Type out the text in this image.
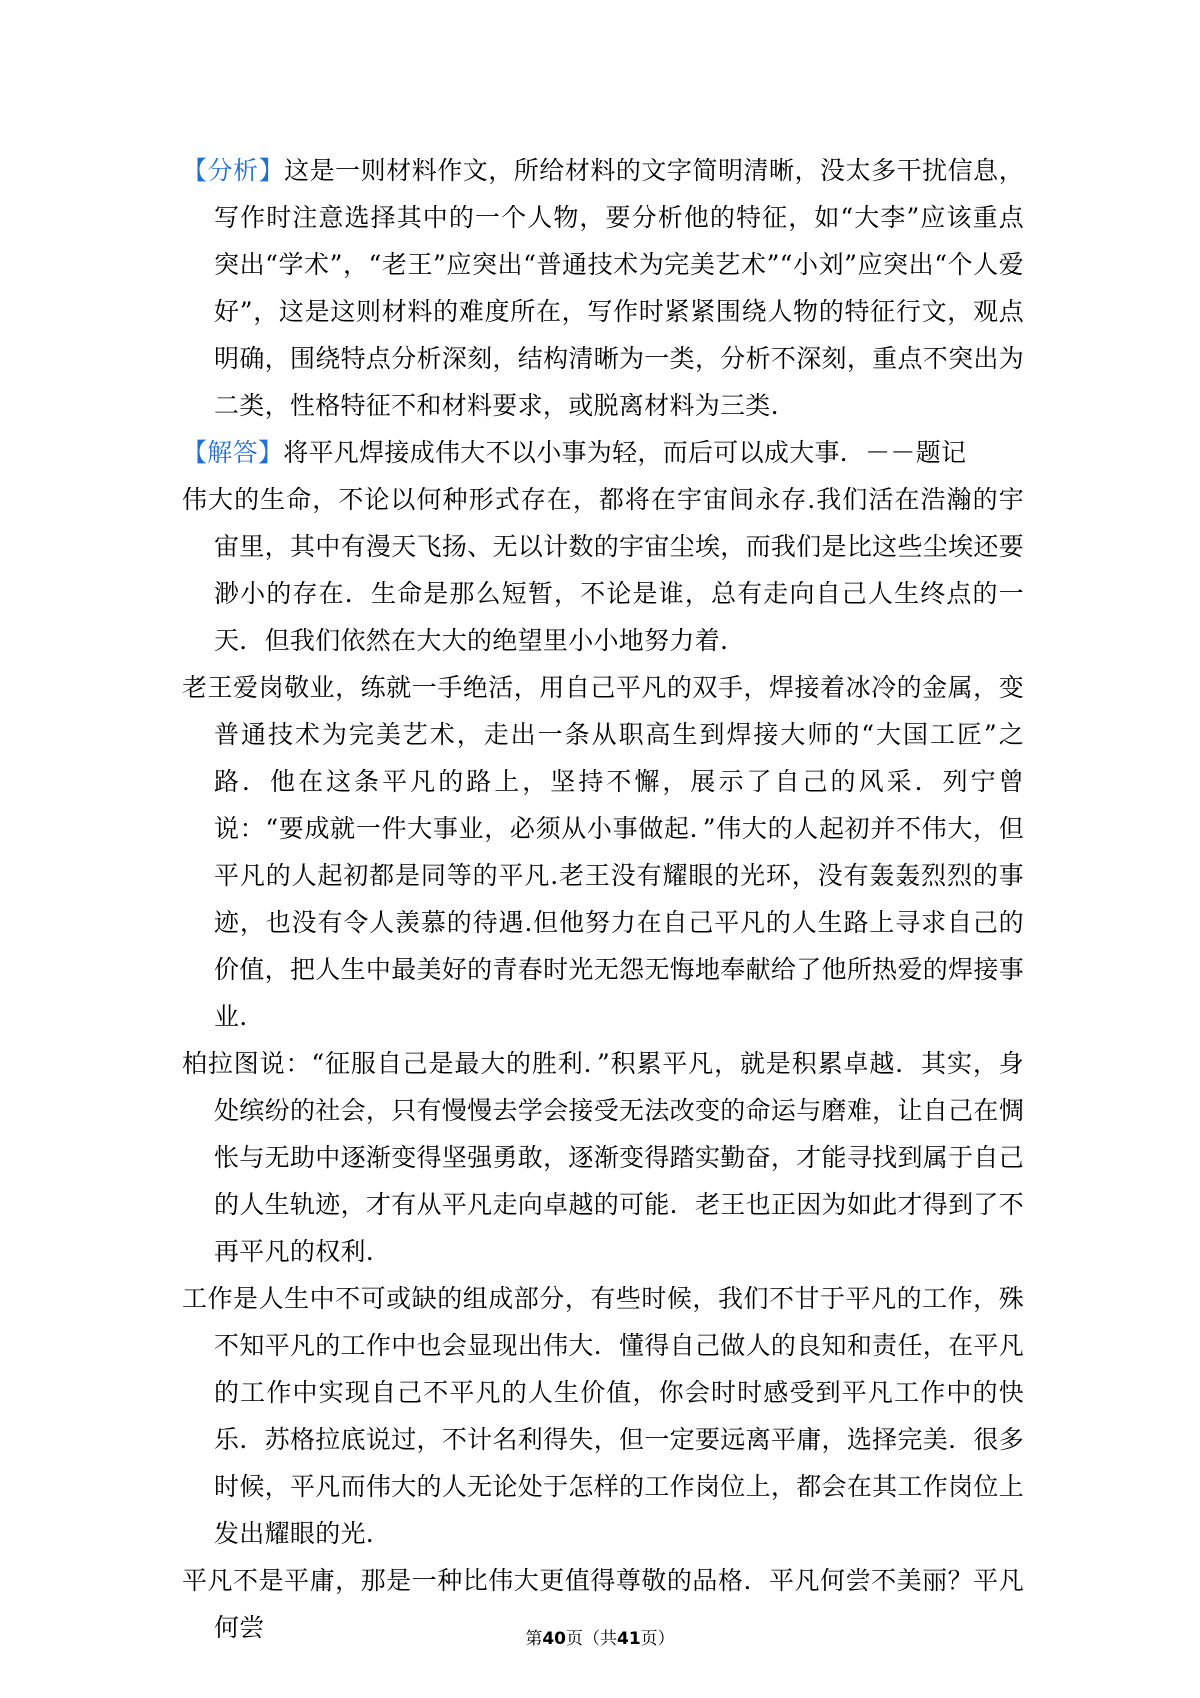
【分析】这是一则材料作文，所给材料的文字简明清晰，没太多干扰信息，写作时注意选择其中的一个人物，要分析他的特征，如“大李”应该重点突出“学术”，“老王”应突出“普通技术为完美艺术”“小刘”应突出“个人爱好”，这是这则材料的难度所在，写作时紧紧围绕人物的特征行文，观点明确，围绕特点分析深刻，结构清晰为一类，分析不深刻，重点不突出为二类，性格特征不和材料要求，或脱离材料为三类.

【解答】将平凡焊接成伟大不以小事为轻，而后可以成大事．－－题记

伟大的生命，不论以何种形式存在，都将在宇宙间永存.我们活在浩瀚的宇宙里，其中有漫天飞扬、无以计数的宇宙尘埃，而我们是比这些尘埃还要渺小的存在．生命是那么短暂，不论是谁，总有走向自己人生终点的一天．但我们依然在大大的绝望里小小地努力着.

老王爱岗敬业，练就一手绝活，用自己平凡的双手，焊接着冰冷的金属，变普通技术为完美艺术，走出一条从职高生到焊接大师的“大国工匠”之路．他在这条平凡的路上，坚持不懈，展示了自己的风采．列宁曾说：“要成就一件大事业，必须从小事做起．”伟大的人起初并不伟大，但平凡的人起初都是同等的平凡.老王没有耀眼的光环，没有轰轰烈烈的事迹，也没有令人羡慕的待遇.但他努力在自己平凡的人生路上寻求自己的价值，把人生中最美好的青春时光无怨无悔地奉献给了他所热爱的焊接事业.

柏拉图说：“征服自己是最大的胜利．”积累平凡，就是积累卓越．其实，身处缤纷的社会，只有慢慢去学会接受无法改变的命运与磨难，让自己在惆怅与无助中逐渐变得坚强勇敢，逐渐变得踏实勤奋，才能寻找到属于自己的人生轨迹，才有从平凡走向卓越的可能．老王也正因为如此才得到了不再平凡的权利.

工作是人生中不可或缺的组成部分，有些时候，我们不甘于平凡的工作，殊不知平凡的工作中也会显现出伟大．懂得自己做人的良知和责任，在平凡的工作中实现自己不平凡的人生价值，你会时时感受到平凡工作中的快乐．苏格拉底说过，不计名利得失，但一定要远离平庸，选择完美．很多时候，平凡而伟大的人无论处于怎样的工作岗位上，都会在其工作岗位上发出耀眼的光.

平凡不是平庸，那是一种比伟大更值得尊敬的品格．平凡何尝不美丽？平凡何尝	第40页（共41页）
